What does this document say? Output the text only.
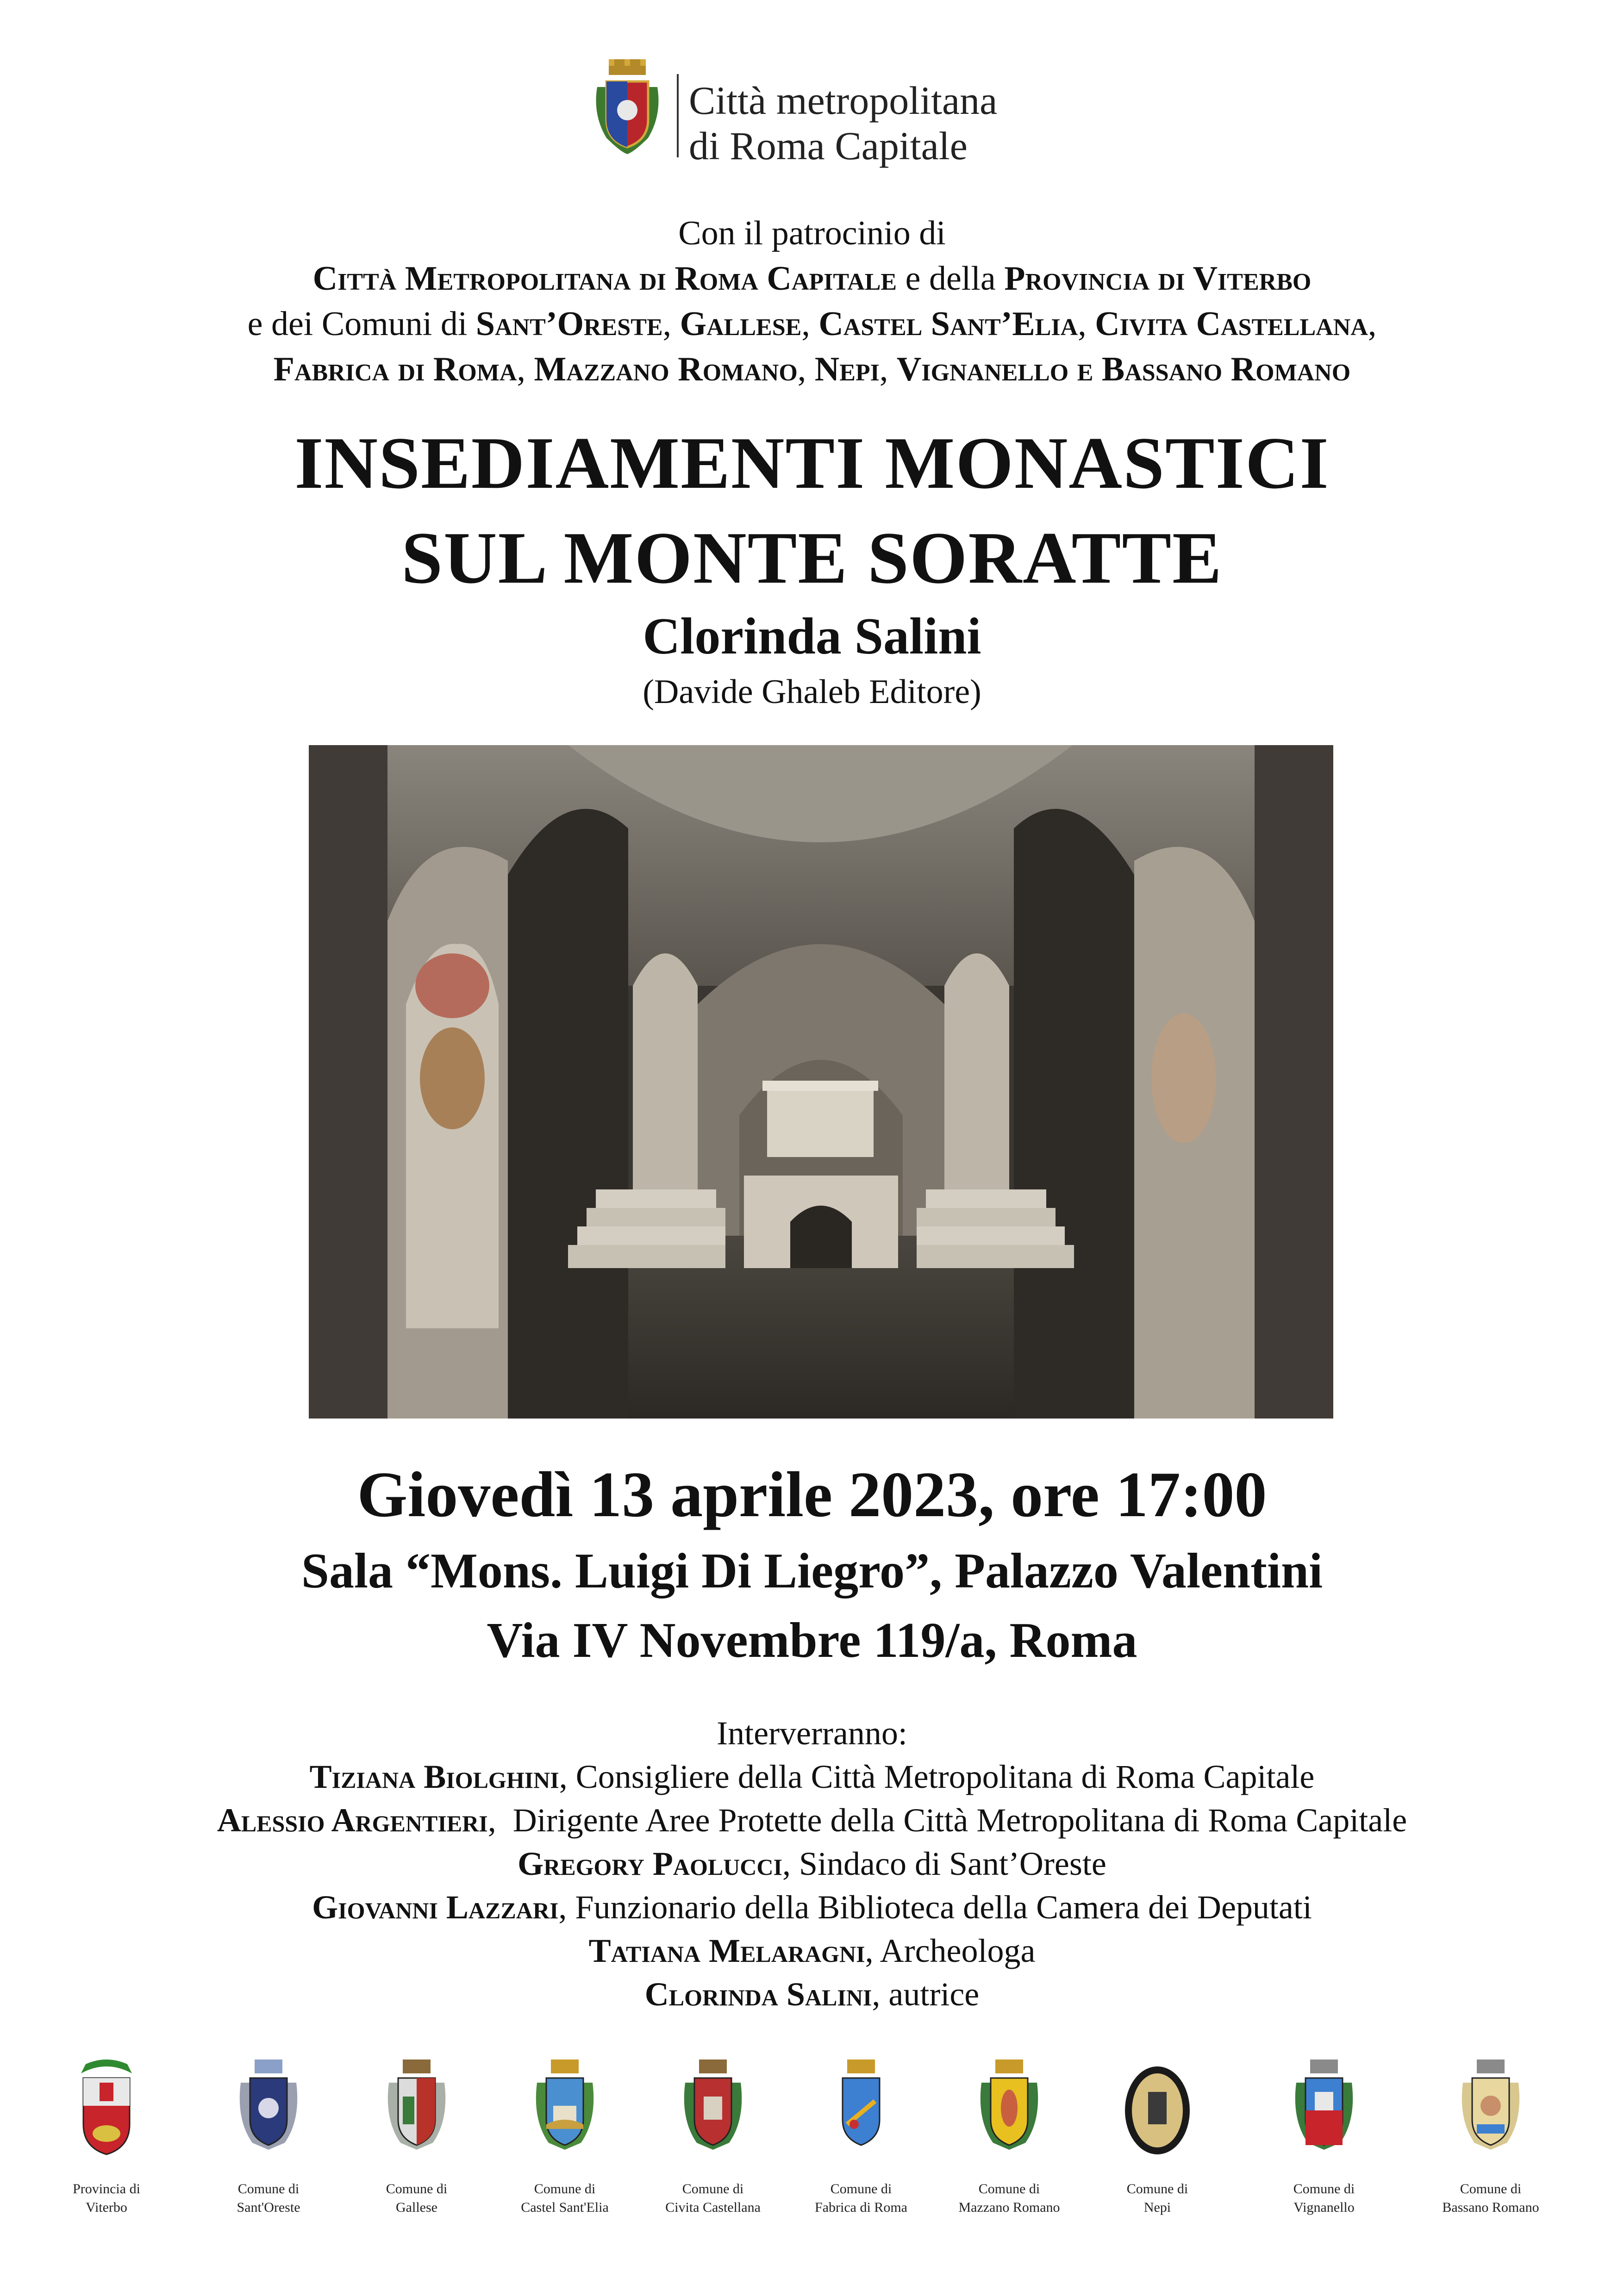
Città metropolitana
di Roma Capitale
Con il patrocinio di
Città Metropolitana di Roma Capitale e della Provincia di Viterbo
e dei Comuni di Sant’Oreste, Gallese, Castel Sant’Elia, Civita Castellana,
Fabrica di Roma, Mazzano Romano, Nepi, Vignanello e Bassano Romano
INSEDIAMENTI MONASTICI
SUL MONTE SORATTE
Clorinda Salini
(Davide Ghaleb Editore)
Giovedì 13 aprile 2023, ore 17:00
Sala “Mons. Luigi Di Liegro”, Palazzo Valentini
Via IV Novembre 119/a, Roma
Interverranno:
Tiziana Biolghini, Consigliere della Città Metropolitana di Roma Capitale
Alessio Argentieri,  Dirigente Aree Protette della Città Metropolitana di Roma Capitale
Gregory Paolucci, Sindaco di Sant’Oreste
Giovanni Lazzari, Funzionario della Biblioteca della Camera dei Deputati
Tatiana Melaragni, Archeologa
Clorinda Salini, autrice
Provincia di
Viterbo
Comune di
Sant'Oreste
Comune di
Gallese
Comune di
Castel Sant'Elia
Comune di
Civita Castellana
Comune di
Fabrica di Roma
Comune di
Mazzano Romano
Comune di
Nepi
Comune di
Vignanello
Comune di
Bassano Romano
